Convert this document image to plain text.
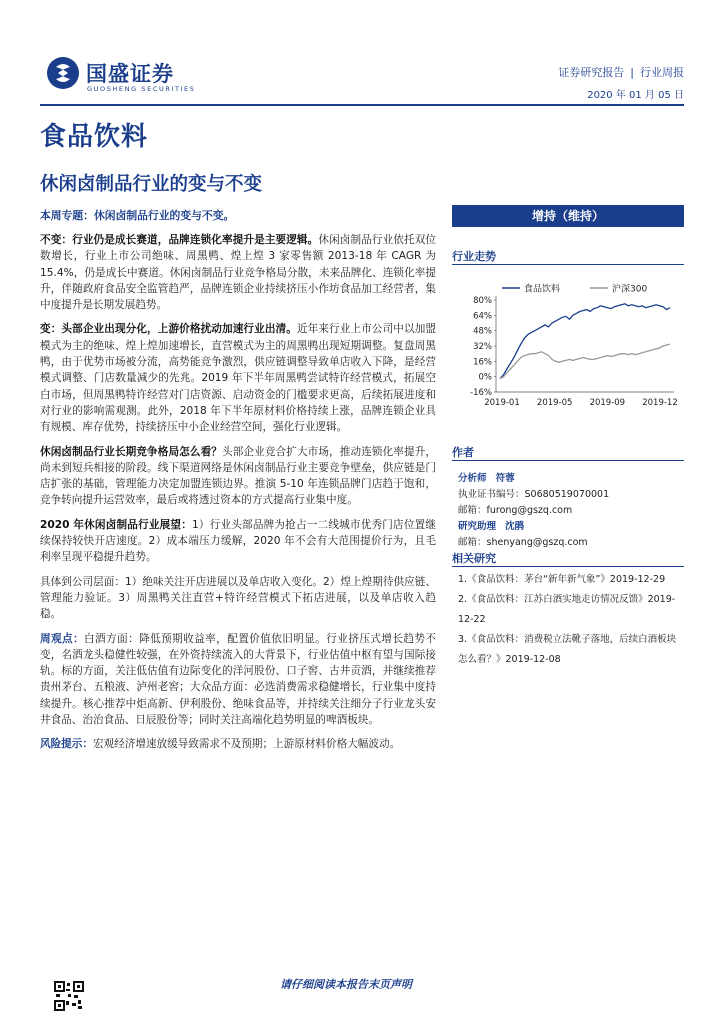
国盛证券
GUOSHENG SECURITIES
证券研究报告 | 行业周报
2020 年 01 月 05 日
食品饮料
休闲卤制品行业的变与不变
本周专题：休闲卤制品行业的变与不变。

不变：行业仍是成长赛道，品牌连锁化率提升是主要逻辑。休闲卤制品行业依托双位数增长，行业上市公司绝味、周黑鸭、煌上煌 3 家零售额 2013-18 年 CAGR 为 15.4%，仍是成长中赛道。休闲卤制品行业竞争格局分散，未来品牌化、连锁化率提升，伴随政府食品安全监管趋严，品牌连锁企业持续挤压小作坊食品加工经营者，集中度提升是长期发展趋势。

变：头部企业出现分化，上游价格扰动加速行业出清。近年来行业上市公司中以加盟模式为主的绝味、煌上煌加速增长，直营模式为主的周黑鸭出现短期调整。复盘周黑鸭，由于优势市场被分流，高势能竞争激烈，供应链调整导致单店收入下降，是经营模式调整、门店数量减少的先兆。2019 年下半年周黑鸭尝试特许经营模式，拓展空白市场，但周黑鸭特许经营对门店资源、启动资金的门槛要求更高，后续拓展进度和对行业的影响需观测。此外，2018 年下半年原材料价格持续上涨，品牌连锁企业具有规模、库存优势，持续挤压中小企业经营空间，强化行业逻辑。

休闲卤制品行业长期竞争格局怎么看？头部企业竞合扩大市场，推动连锁化率提升，尚未到短兵相接的阶段。线下渠道网络是休闲卤制品行业主要竞争壁垒，供应链是门店扩张的基础，管理能力决定加盟连锁边界。推演 5-10 年连锁品牌门店趋于饱和，竞争转向提升运营效率，最后或将透过资本的方式提高行业集中度。

2020 年休闲卤制品行业展望：1）行业头部品牌为抢占一二线城市优秀门店位置继续保持较快开店速度。2）成本端压力缓解，2020 年不会有大范围提价行为，且毛利率呈现平稳提升趋势。

具体到公司层面：1）绝味关注开店进展以及单店收入变化。2）煌上煌期待供应链、管理能力验证。3）周黑鸭关注直营+特许经营模式下拓店进展，以及单店收入趋稳。

周观点：白酒方面：降低预期收益率，配置价值依旧明显。行业挤压式增长趋势不变，名酒龙头稳健性较强，在外资持续流入的大背景下，行业估值中枢有望与国际接轨。标的方面，关注低估值有边际变化的洋河股份、口子窖、古井贡酒，并继续推荐贵州茅台、五粮液、泸州老窖；大众品方面：必选消费需求稳健增长，行业集中度持续提升。核心推荐中炬高新、伊利股份、绝味食品等，并持续关注细分子行业龙头安井食品、治治食品、日辰股份等；同时关注高端化趋势明显的啤酒板块。

风险提示：宏观经济增速放缓导致需求不及预期；上游原材料价格大幅波动。

增持（维持）
行业走势
食品饮料	沪深300
80%
64%
48%
32%
16%
0%
-16%
2019-01 2019-05 2019-09 2019-12
作者
分析师 符蓉
执业证书编号：S0680519070001
邮箱：furong@gszq.com
研究助理 沈鹃
邮箱：shenyang@gszq.com
相关研究
1.《食品饮料：茅台“新年新气象”》2019-12-29
2.《食品饮料：江苏白酒实地走访情况反馈》2019-12-22
3.《食品饮料：消费税立法靴子落地，后续白酒板块怎么看？》2019-12-08
请仔细阅读本报告末页声明
